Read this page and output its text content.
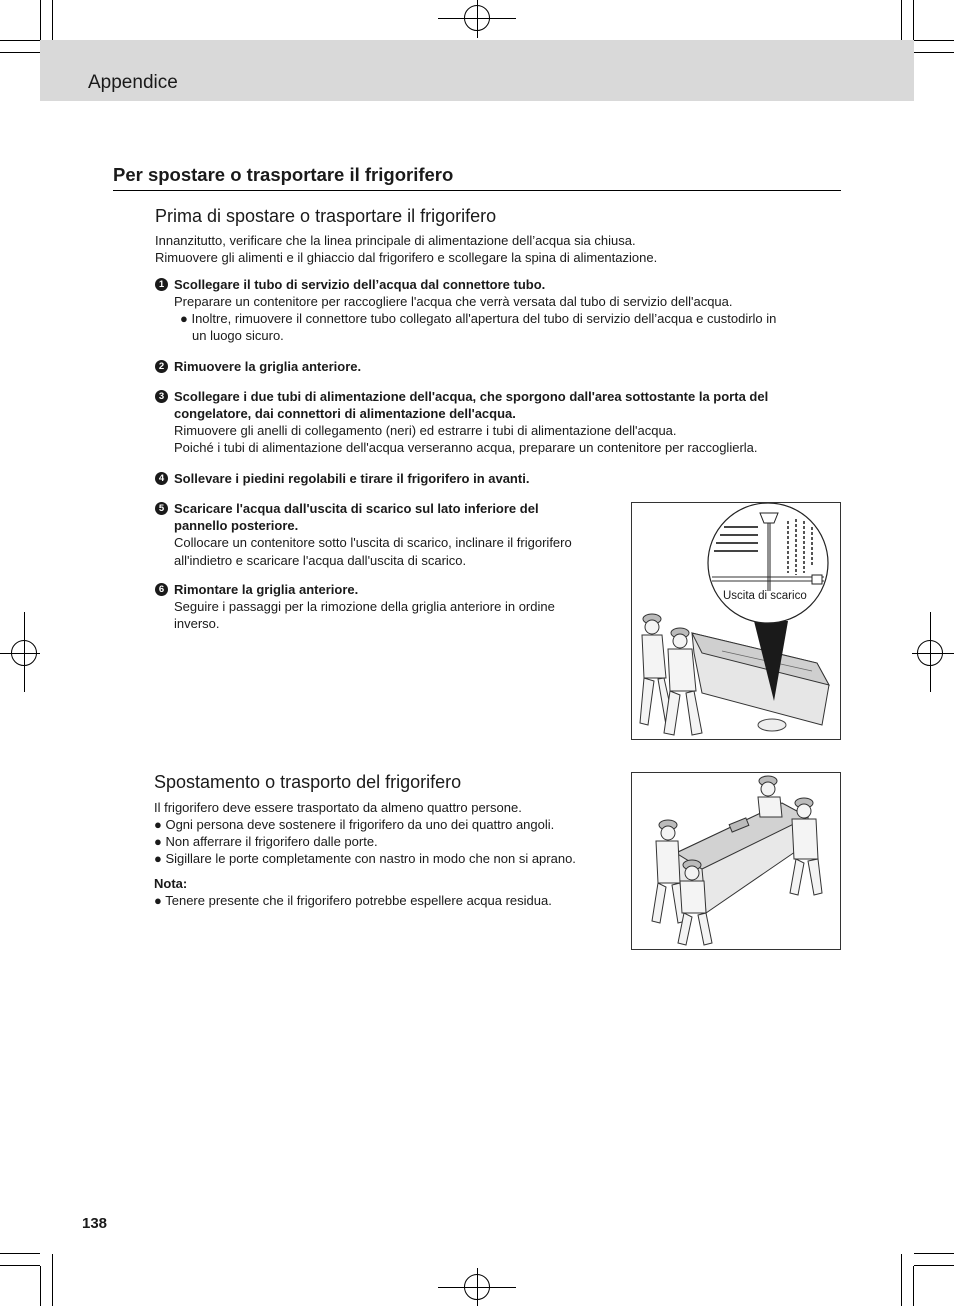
Appendice
Per spostare o trasportare il frigorifero
Prima di spostare o trasportare il frigorifero

Innanzitutto, verificare che la linea principale di alimentazione dell’acqua sia chiusa.

Rimuovere gli alimenti e il ghiaccio dal frigorifero e scollegare la spina di alimentazione.

1 Scollegare il tubo di servizio dell’acqua dal connettore tubo.

Preparare un contenitore per raccogliere l'acqua che verrà versata dal tubo di servizio dell'acqua.

● Inoltre, rimuovere il connettore tubo collegato all'apertura del tubo di servizio dell’acqua e custodirlo in

un luogo sicuro.

2 Rimuovere la griglia anteriore.

3 Scollegare i due tubi di alimentazione dell'acqua, che sporgono dall'area sottostante la porta del

congelatore, dai connettori di alimentazione dell'acqua.

Rimuovere gli anelli di collegamento (neri) ed estrarre i tubi di alimentazione dell'acqua.

Poiché i tubi di alimentazione dell'acqua verseranno acqua, preparare un contenitore per raccoglierla.

4 Sollevare i piedini regolabili e tirare il frigorifero in avanti.

5 Scaricare l'acqua dall'uscita di scarico sul lato inferiore del

pannello posteriore.

Collocare un contenitore sotto l'uscita di scarico, inclinare il frigorifero

all'indietro e scaricare l'acqua dall'uscita di scarico.

6 Rimontare la griglia anteriore.

Seguire i passaggi per la rimozione della griglia anteriore in ordine

inverso.

Uscita di scarico
Spostamento o trasporto del frigorifero

Il frigorifero deve essere trasportato da almeno quattro persone.

● Ogni persona deve sostenere il frigorifero da uno dei quattro angoli.

● Non afferrare il frigorifero dalle porte.

● Sigillare le porte completamente con nastro in modo che non si aprano.

Nota:

● Tenere presente che il frigorifero potrebbe espellere acqua residua.

138
